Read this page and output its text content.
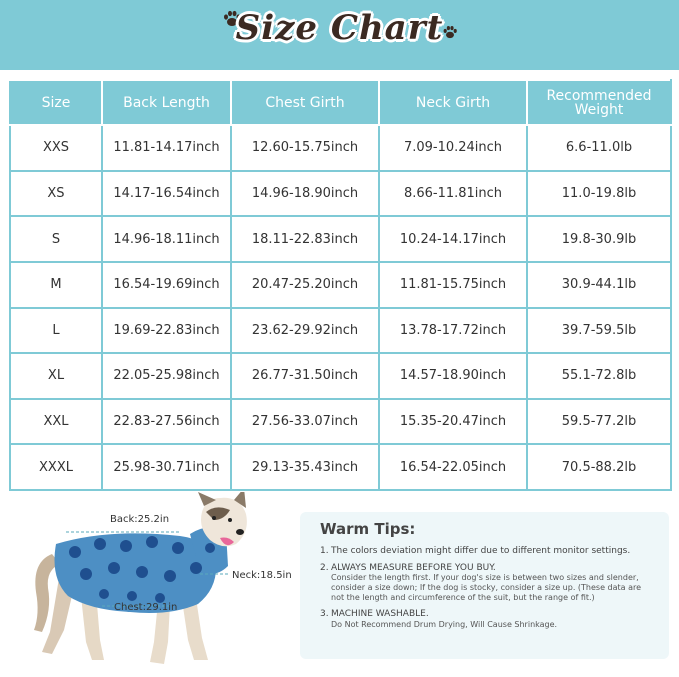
Size Chart
Size	Back Length	Chest Girth	Neck Girth	Recommended Weight
XXS	11.81-14.17inch	12.60-15.75inch	7.09-10.24inch	6.6-11.0lb
XS	14.17-16.54inch	14.96-18.90inch	8.66-11.81inch	11.0-19.8lb
S	14.96-18.11inch	18.11-22.83inch	10.24-14.17inch	19.8-30.9lb
M	16.54-19.69inch	20.47-25.20inch	11.81-15.75inch	30.9-44.1lb
L	19.69-22.83inch	23.62-29.92inch	13.78-17.72inch	39.7-59.5lb
XL	22.05-25.98inch	26.77-31.50inch	14.57-18.90inch	55.1-72.8lb
XXL	22.83-27.56inch	27.56-33.07inch	15.35-20.47inch	59.5-77.2lb
XXXL	25.98-30.71inch	29.13-35.43inch	16.54-22.05inch	70.5-88.2lb
Back:25.2in
Neck:18.5in
Chest:29.1in
Warm Tips:
1. The colors deviation might differ due to different monitor settings.
2. ALWAYS MEASURE BEFORE YOU BUY.
Consider the length first. If your dog's size is between two sizes and slender, consider a size down; If the dog is stocky, consider a size up. (These data are not the length and circumference of the suit, but the range of fit.)
3. MACHINE WASHABLE.
Do Not Recommend Drum Drying, Will Cause Shrinkage.
